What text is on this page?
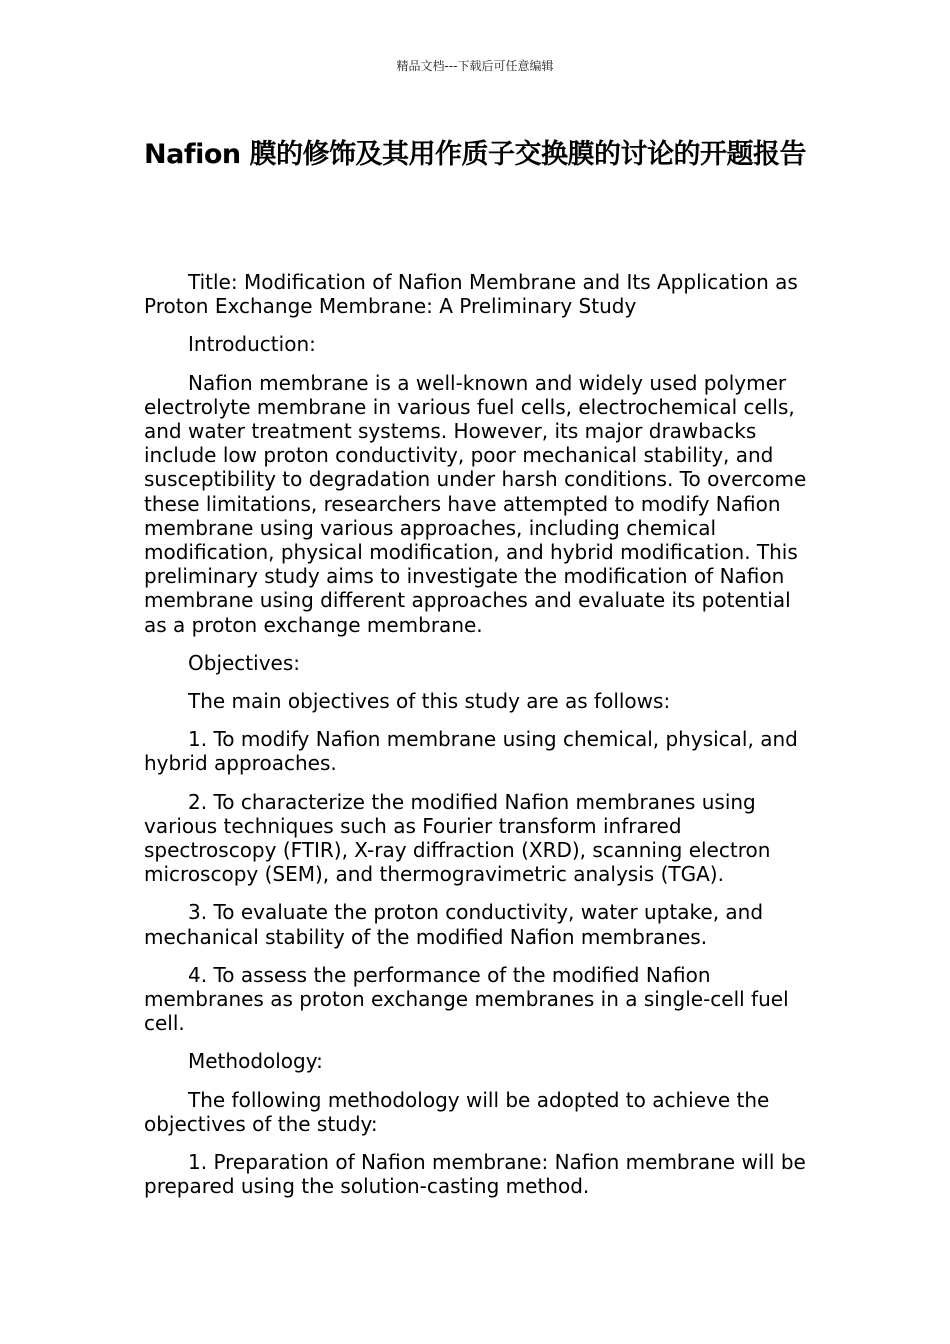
精品文档---下载后可任意编辑
Nafion 膜的修饰及其用作质子交换膜的讨论的开题报告

Title: Modification of Nafion Membrane and Its Application as Proton Exchange Membrane: A Preliminary Study

Introduction:

Nafion membrane is a well-known and widely used polymer electrolyte membrane in various fuel cells, electrochemical cells, and water treatment systems. However, its major drawbacks include low proton conductivity, poor mechanical stability, and susceptibility to degradation under harsh conditions. To overcome these limitations, researchers have attempted to modify Nafion membrane using various approaches, including chemical modification, physical modification, and hybrid modification. This preliminary study aims to investigate the modification of Nafion membrane using different approaches and evaluate its potential as a proton exchange membrane.

Objectives:

The main objectives of this study are as follows:

1. To modify Nafion membrane using chemical, physical, and hybrid approaches.

2. To characterize the modified Nafion membranes using various techniques such as Fourier transform infrared spectroscopy (FTIR), X-ray diffraction (XRD), scanning electron microscopy (SEM), and thermogravimetric analysis (TGA).

3. To evaluate the proton conductivity, water uptake, and mechanical stability of the modified Nafion membranes.

4. To assess the performance of the modified Nafion membranes as proton exchange membranes in a single-cell fuel cell.

Methodology:

The following methodology will be adopted to achieve the objectives of the study:

1. Preparation of Nafion membrane: Nafion membrane will be prepared using the solution-casting method.
